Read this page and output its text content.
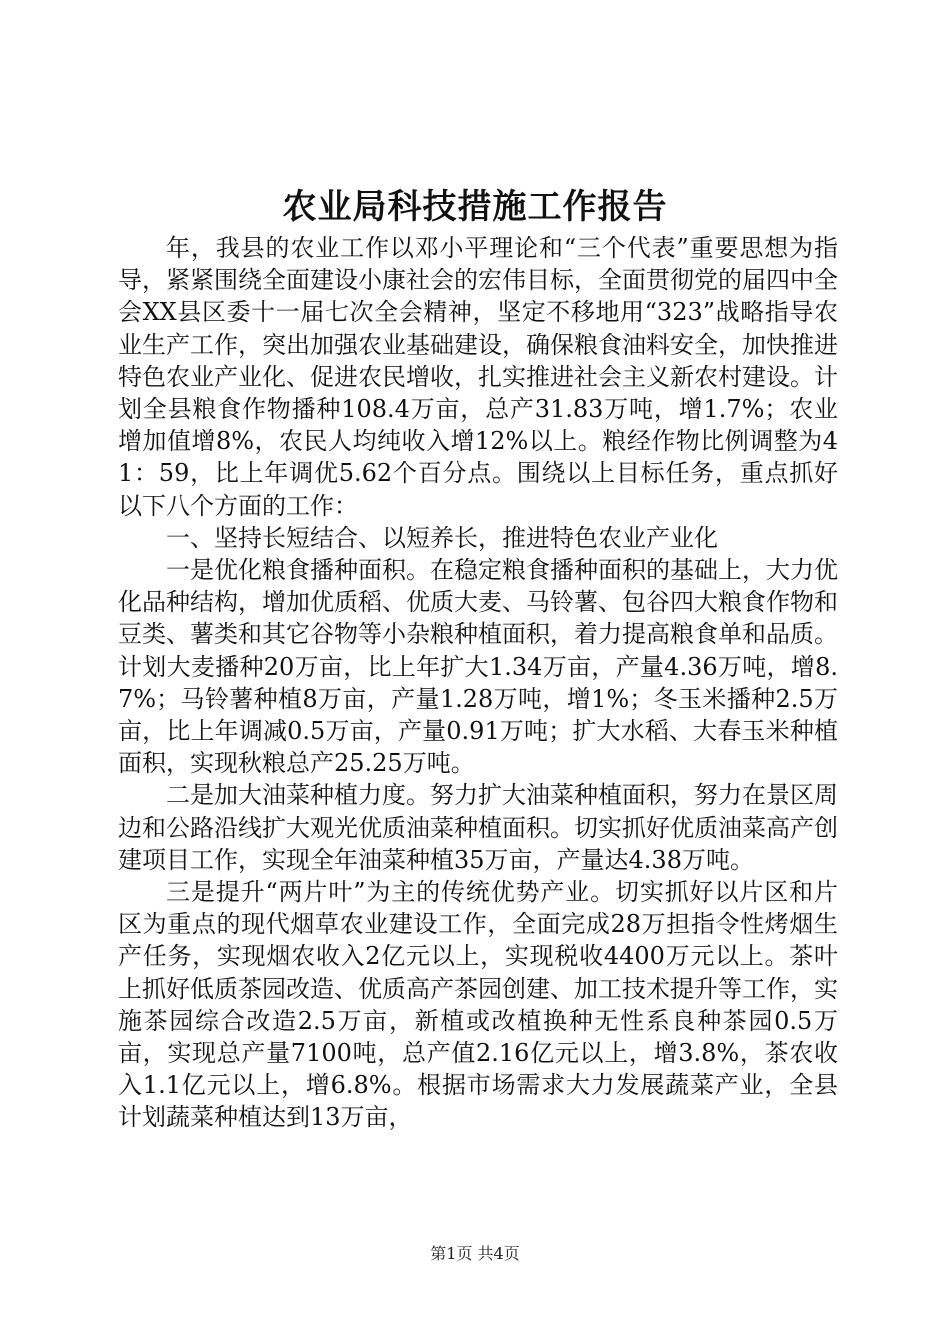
农业局科技措施工作报告

年，我县的农业工作以邓小平理论和“三个代表”重要思想为指导，紧紧围绕全面建设小康社会的宏伟目标，全面贯彻党的届四中全会XX县区委十一届七次全会精神，坚定不移地用“323”战略指导农业生产工作，突出加强农业基础建设，确保粮食油料安全，加快推进特色农业产业化、促进农民增收，扎实推进社会主义新农村建设。计划全县粮食作物播种108.4万亩，总产31.83万吨，增1.7%；农业增加值增8%，农民人均纯收入增12%以上。粮经作物比例调整为41：59，比上年调优5.62个百分点。围绕以上目标任务，重点抓好以下八个方面的工作：

一、坚持长短结合、以短养长，推进特色农业产业化

一是优化粮食播种面积。在稳定粮食播种面积的基础上，大力优化品种结构，增加优质稻、优质大麦、马铃薯、包谷四大粮食作物和豆类、薯类和其它谷物等小杂粮种植面积，着力提高粮食单和品质。计划大麦播种20万亩，比上年扩大1.34万亩，产量4.36万吨，增8.7%；马铃薯种植8万亩，产量1.28万吨，增1%；冬玉米播种2.5万亩，比上年调减0.5万亩，产量0.91万吨；扩大水稻、大春玉米种植面积，实现秋粮总产25.25万吨。

二是加大油菜种植力度。努力扩大油菜种植面积，努力在景区周边和公路沿线扩大观光优质油菜种植面积。切实抓好优质油菜高产创建项目工作，实现全年油菜种植35万亩，产量达4.38万吨。

三是提升“两片叶”为主的传统优势产业。切实抓好以片区和片区为重点的现代烟草农业建设工作，全面完成28万担指令性烤烟生产任务，实现烟农收入2亿元以上，实现税收4400万元以上。茶叶上抓好低质茶园改造、优质高产茶园创建、加工技术提升等工作，实施茶园综合改造2.5万亩，新植或改植换种无性系良种茶园0.5万亩，实现总产量7100吨，总产值2.16亿元以上，增3.8%，茶农收入1.1亿元以上，增6.8%。根据市场需求大力发展蔬菜产业，全县计划蔬菜种植达到13万亩，

第1页 共4页
